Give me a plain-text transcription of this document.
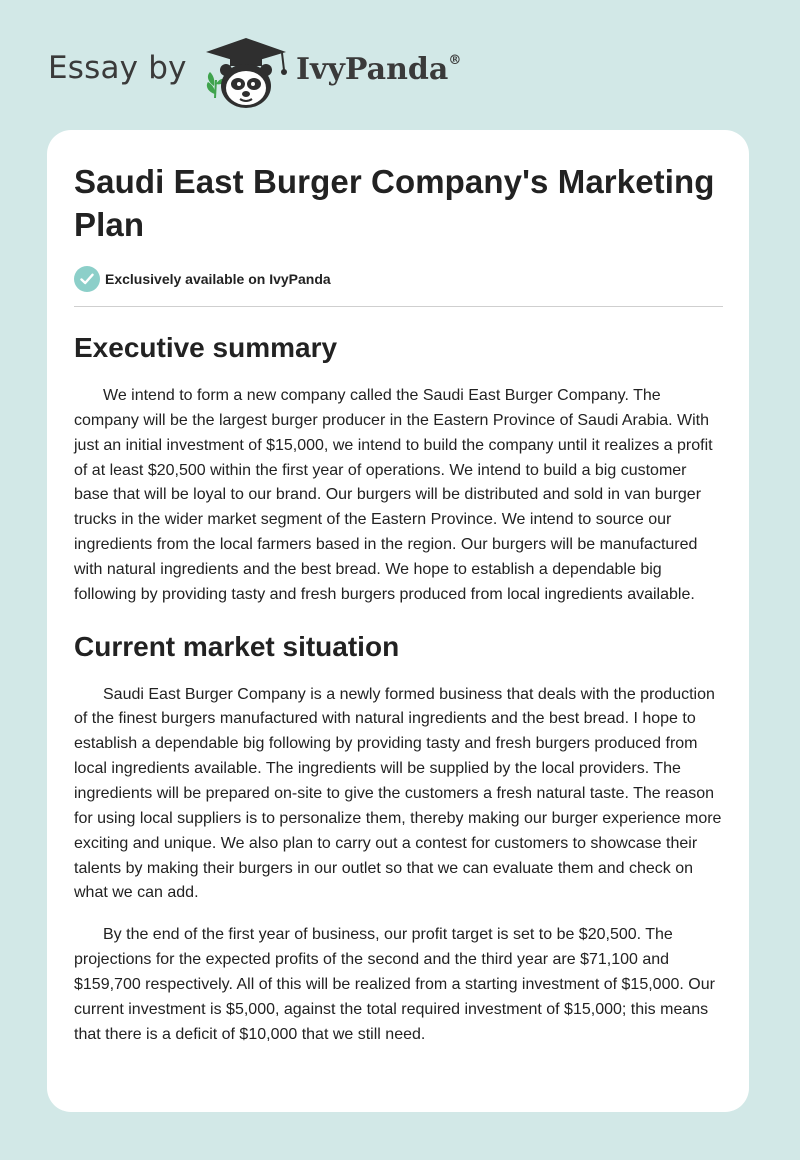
Essay by	IvyPanda®
Saudi East Burger Company's Marketing Plan
Exclusively available on IvyPanda
Executive summary

We intend to form a new company called the Saudi East Burger Company. The company will be the largest burger producer in the Eastern Province of Saudi Arabia. With just an initial investment of $15,000, we intend to build the company until it realizes a profit of at least $20,500 within the first year of operations. We intend to build a big customer base that will be loyal to our brand. Our burgers will be distributed and sold in van burger trucks in the wider market segment of the Eastern Province. We intend to source our ingredients from the local farmers based in the region. Our burgers will be manufactured with natural ingredients and the best bread. We hope to establish a dependable big following by providing tasty and fresh burgers produced from local ingredients available.

Current market situation

Saudi East Burger Company is a newly formed business that deals with the production of the finest burgers manufactured with natural ingredients and the best bread. I hope to establish a dependable big following by providing tasty and fresh burgers produced from local ingredients available. The ingredients will be supplied by the local providers. The ingredients will be prepared on-site to give the customers a fresh natural taste. The reason for using local suppliers is to personalize them, thereby making our burger experience more exciting and unique. We also plan to carry out a contest for customers to showcase their talents by making their burgers in our outlet so that we can evaluate them and check on what we can add.

By the end of the first year of business, our profit target is set to be $20,500. The projections for the expected profits of the second and the third year are $71,100 and $159,700 respectively. All of this will be realized from a starting investment of $15,000. Our current investment is $5,000, against the total required investment of $15,000; this means that there is a deficit of $10,000 that we still need.
